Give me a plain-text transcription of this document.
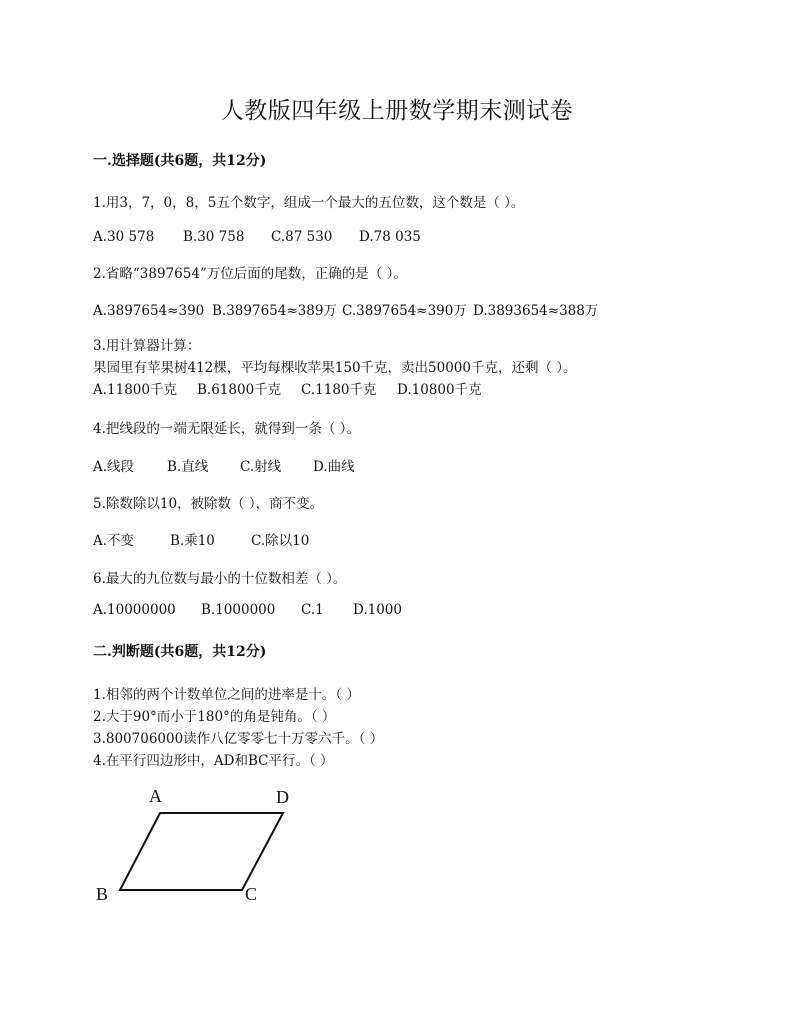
人教版四年级上册数学期末测试卷
一.选择题(共6题，共12分)
1.用3，7，0，8，5五个数字，组成一个最大的五位数，这个数是（ ）。
A.30 578 B.30 758 C.87 530 D.78 035
2.省略“3897654”万位后面的尾数，正确的是（ ）。
A.3897654≈390 B.3897654≈389万 C.3897654≈390万 D.3893654≈388万
3.用计算器计算：
果园里有苹果树412棵，平均每棵收苹果150千克，卖出50000千克，还剩（ ）。
A.11800千克 B.61800千克 C.1180千克 D.10800千克
4.把线段的一端无限延长，就得到一条（ ）。
A.线段 B.直线 C.射线 D.曲线
5.除数除以10，被除数（ ），商不变。
A.不变	B.乘10	C.除以10
6.最大的九位数与最小的十位数相差（ ）。
A.10000000 B.1000000 C.1 D.1000
二.判断题(共6题，共12分)
1.相邻的两个计数单位之间的进率是十。（ ）
2.大于90°而小于180°的角是钝角。（ ）
3.800706000读作八亿零零七十万零六千。（ ）
4.在平行四边形中，AD和BC平行。（ ）
A	D
B	C
